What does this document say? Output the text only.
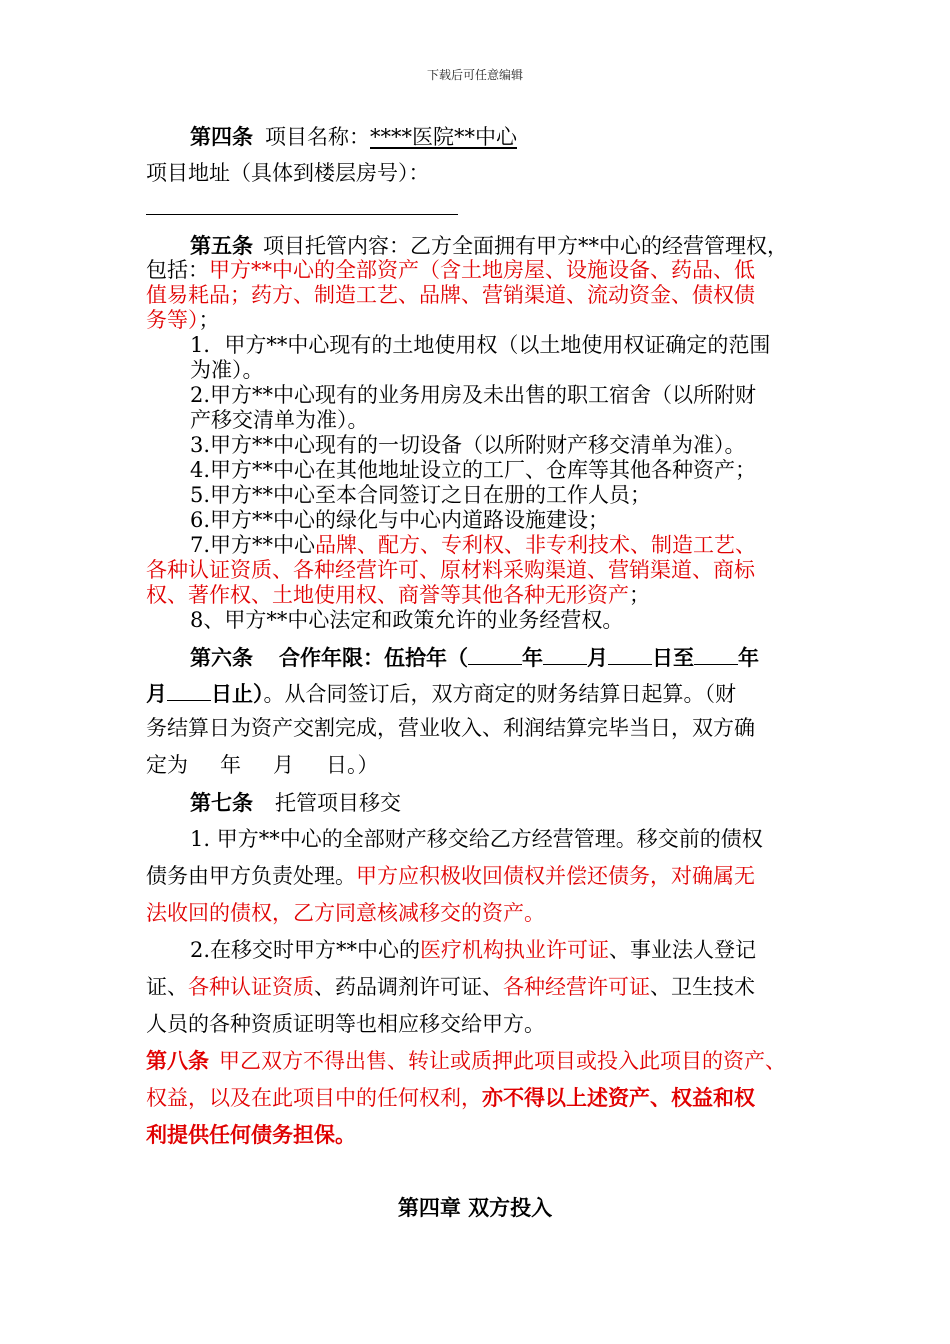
下载后可任意编辑
第四条 项目名称：****医院**中心
项目地址（具体到楼层房号）：
第五条 项目托管内容：乙方全面拥有甲方**中心的经营管理权，
包括：甲方**中心的全部资产（含土地房屋、设施设备、药品、低
值易耗品；药方、制造工艺、品牌、营销渠道、流动资金、债权债
务等）；
1．甲方**中心现有的土地使用权（以土地使用权证确定的范围
为准）。
2.甲方**中心现有的业务用房及未出售的职工宿舍（以所附财
产移交清单为准）。
3.甲方**中心现有的一切设备（以所附财产移交清单为准）。
4.甲方**中心在其他地址设立的工厂、仓库等其他各种资产；
5.甲方**中心至本合同签订之日在册的工作人员；
6.甲方**中心的绿化与中心内道路设施建设；
7.甲方**中心品牌、配方、专利权、非专利技术、制造工艺、
各种认证资质、各种经营许可、原材料采购渠道、营销渠道、商标
权、著作权、土地使用权、商誉等其他各种无形资产；
8、甲方**中心法定和政策允许的业务经营权。
第六条 合作年限：伍拾年（	年 月 日至 年
月 日止）。从合同签订后，双方商定的财务结算日起算。（财
务结算日为资产交割完成，营业收入、利润结算完毕当日，双方确
定为 年 月 日。）
第七条 托管项目移交
1. 甲方**中心的全部财产移交给乙方经营管理。移交前的债权
债务由甲方负责处理。甲方应积极收回债权并偿还债务，对确属无
法收回的债权，乙方同意核减移交的资产。
2.在移交时甲方**中心的医疗机构执业许可证、事业法人登记
证、各种认证资质、药品调剂许可证、各种经营许可证、卫生技术
人员的各种资质证明等也相应移交给甲方。
第八条 甲乙双方不得出售、转让或质押此项目或投入此项目的资产、
权益，以及在此项目中的任何权利，亦不得以上述资产、权益和权
利提供任何债务担保。
第四章 双方投入
